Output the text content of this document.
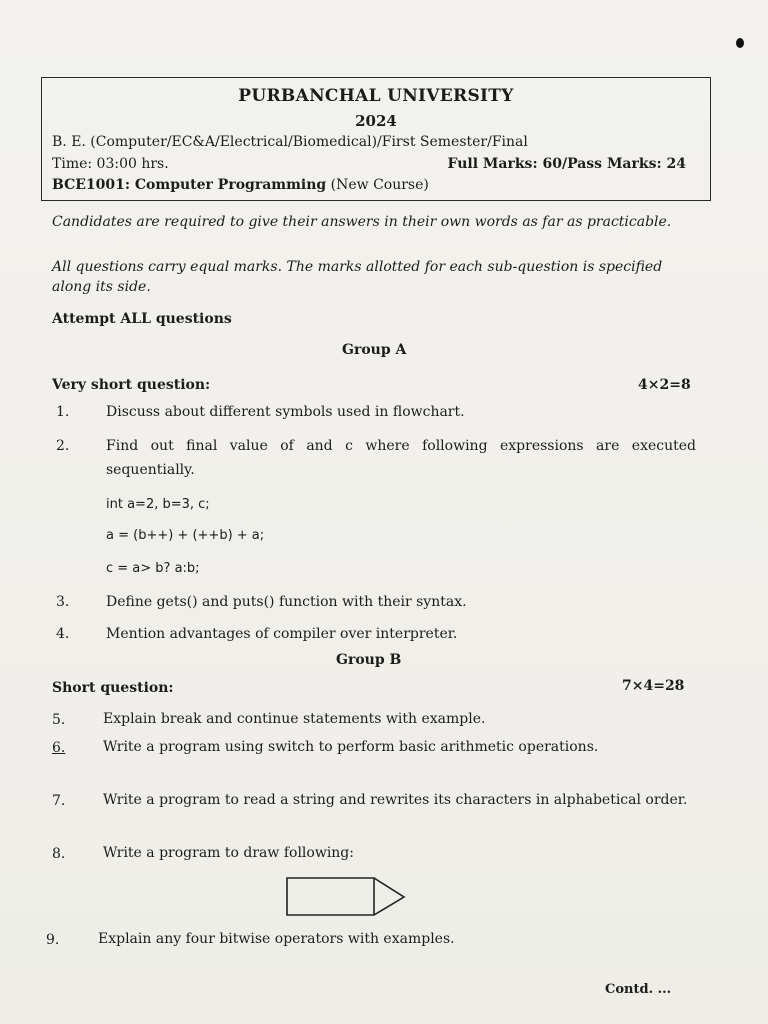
PURBANCHAL UNIVERSITY
2024
B. E. (Computer/EC&A/Electrical/Biomedical)/First Semester/Final
Time: 03:00 hrs.	Full Marks: 60/Pass Marks: 24
BCE1001: Computer Programming (New Course)
Candidates are required to give their answers in their own words as far as practicable.
All questions carry equal marks. The marks allotted for each sub-question is specified along its side.
Attempt ALL questions
Group A
Very short question:	4×2=8
1.	Discuss about different symbols used in flowchart.
2.	Find out final value of and c where following expressions are executed sequentially.
int a=2, b=3, c;
a = (b++) + (++b) + a;
c = a> b? a:b;
3.	Define gets() and puts() function with their syntax.
4.	Mention advantages of compiler over interpreter.
Group B
Short question:	7×4=28
5.	Explain break and continue statements with example.
6.	Write a program using switch to perform basic arithmetic operations.
7.	Write a program to read a string and rewrites its characters in alphabetical order.
8.	Write a program to draw following:
9.	Explain any four bitwise operators with examples.
Contd. ...
